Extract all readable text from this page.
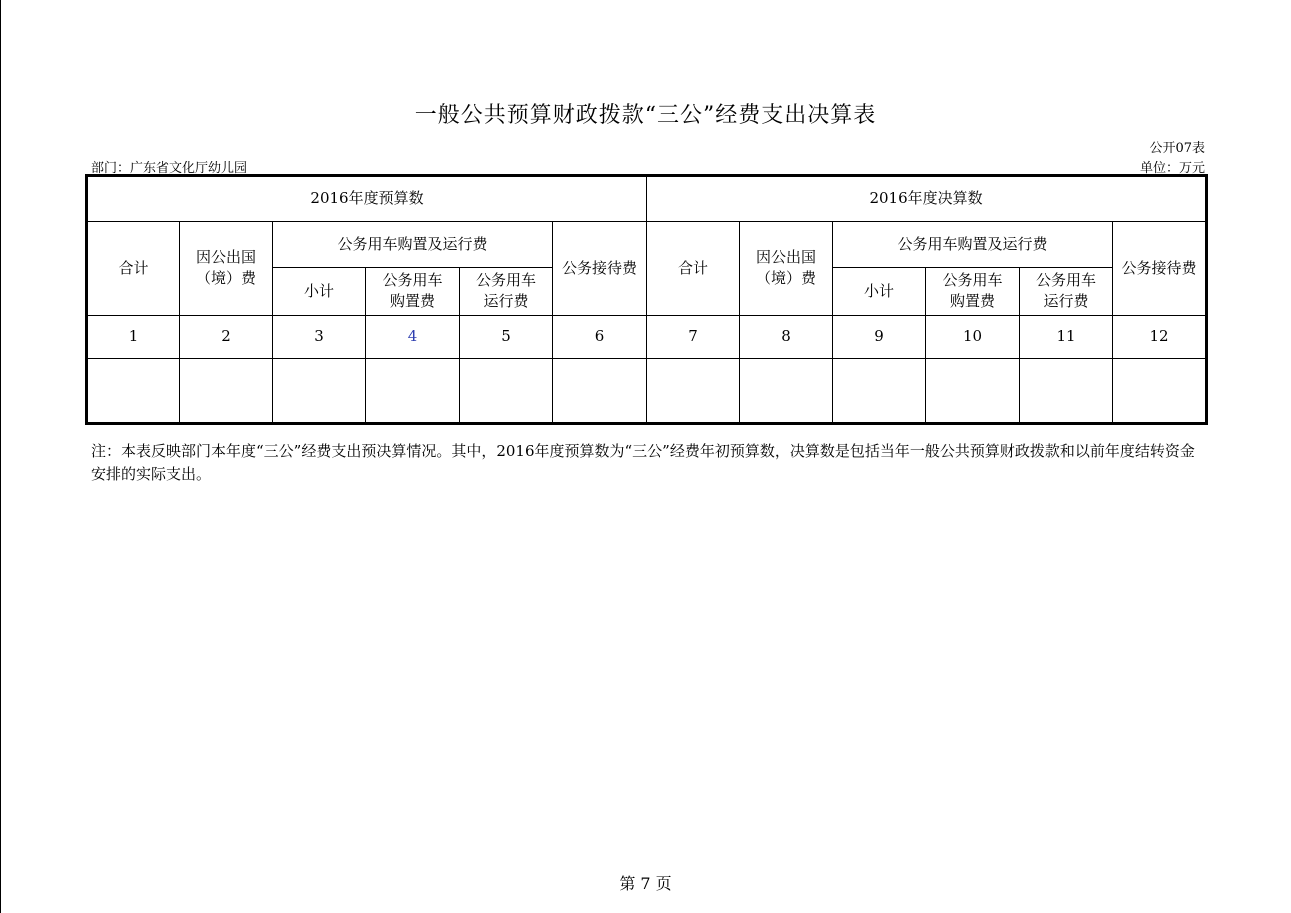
一般公共预算财政拨款“三公”经费支出决算表
公开07表
部门：广东省文化厅幼儿园	单位：万元
2016年度预算数						2016年度决算数					
合计	因公出国（境）费	公务用车购置及运行费			公务接待费	合计	因公出国（境）费	公务用车购置及运行费			公务接待费
		小计	公务用车购置费	公务用车运行费				小计	公务用车购置费	公务用车运行费	
1	2	3	4	5	6	7	8	9	10	11	12

注：本表反映部门本年度“三公”经费支出预决算情况。其中，2016年度预算数为“三公”经费年初预算数，决算数是包括当年一般公共预算财政拨款和以前年度结转资金安排的实际支出。
第 7 页
